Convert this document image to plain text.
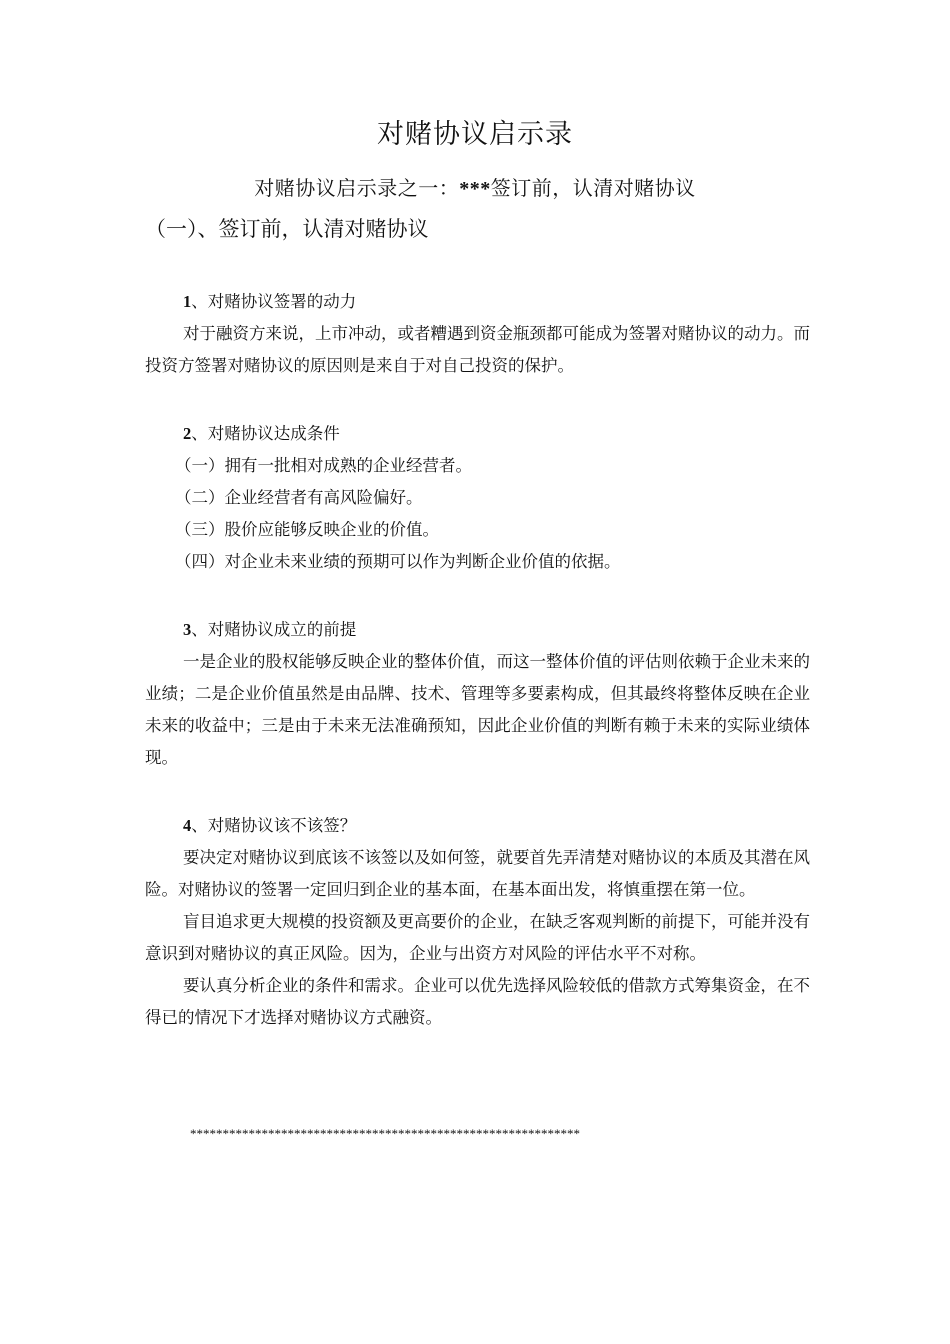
对赌协议启示录
对赌协议启示录之一：***签订前，认清对赌协议
（一）、签订前，认清对赌协议
1、对赌协议签署的动力
对于融资方来说，上市冲动，或者糟遇到资金瓶颈都可能成为签署对赌协议的动力。而投资方签署对赌协议的原因则是来自于对自己投资的保护。
2、对赌协议达成条件
（一）拥有一批相对成熟的企业经营者。
（二）企业经营者有高风险偏好。
（三）股价应能够反映企业的价值。
（四）对企业未来业绩的预期可以作为判断企业价值的依据。
3、对赌协议成立的前提
一是企业的股权能够反映企业的整体价值，而这一整体价值的评估则依赖于企业未来的业绩；二是企业价值虽然是由品牌、技术、管理等多要素构成，但其最终将整体反映在企业未来的收益中；三是由于未来无法准确预知，因此企业价值的判断有赖于未来的实际业绩体现。
4、对赌协议该不该签？
要决定对赌协议到底该不该签以及如何签，就要首先弄清楚对赌协议的本质及其潜在风险。对赌协议的签署一定回归到企业的基本面，在基本面出发，将慎重摆在第一位。
盲目追求更大规模的投资额及更高要价的企业，在缺乏客观判断的前提下，可能并没有意识到对赌协议的真正风险。因为，企业与出资方对风险的评估水平不对称。
要认真分析企业的条件和需求。企业可以优先选择风险较低的借款方式筹集资金，在不得已的情况下才选择对赌协议方式融资。
************************************************************
